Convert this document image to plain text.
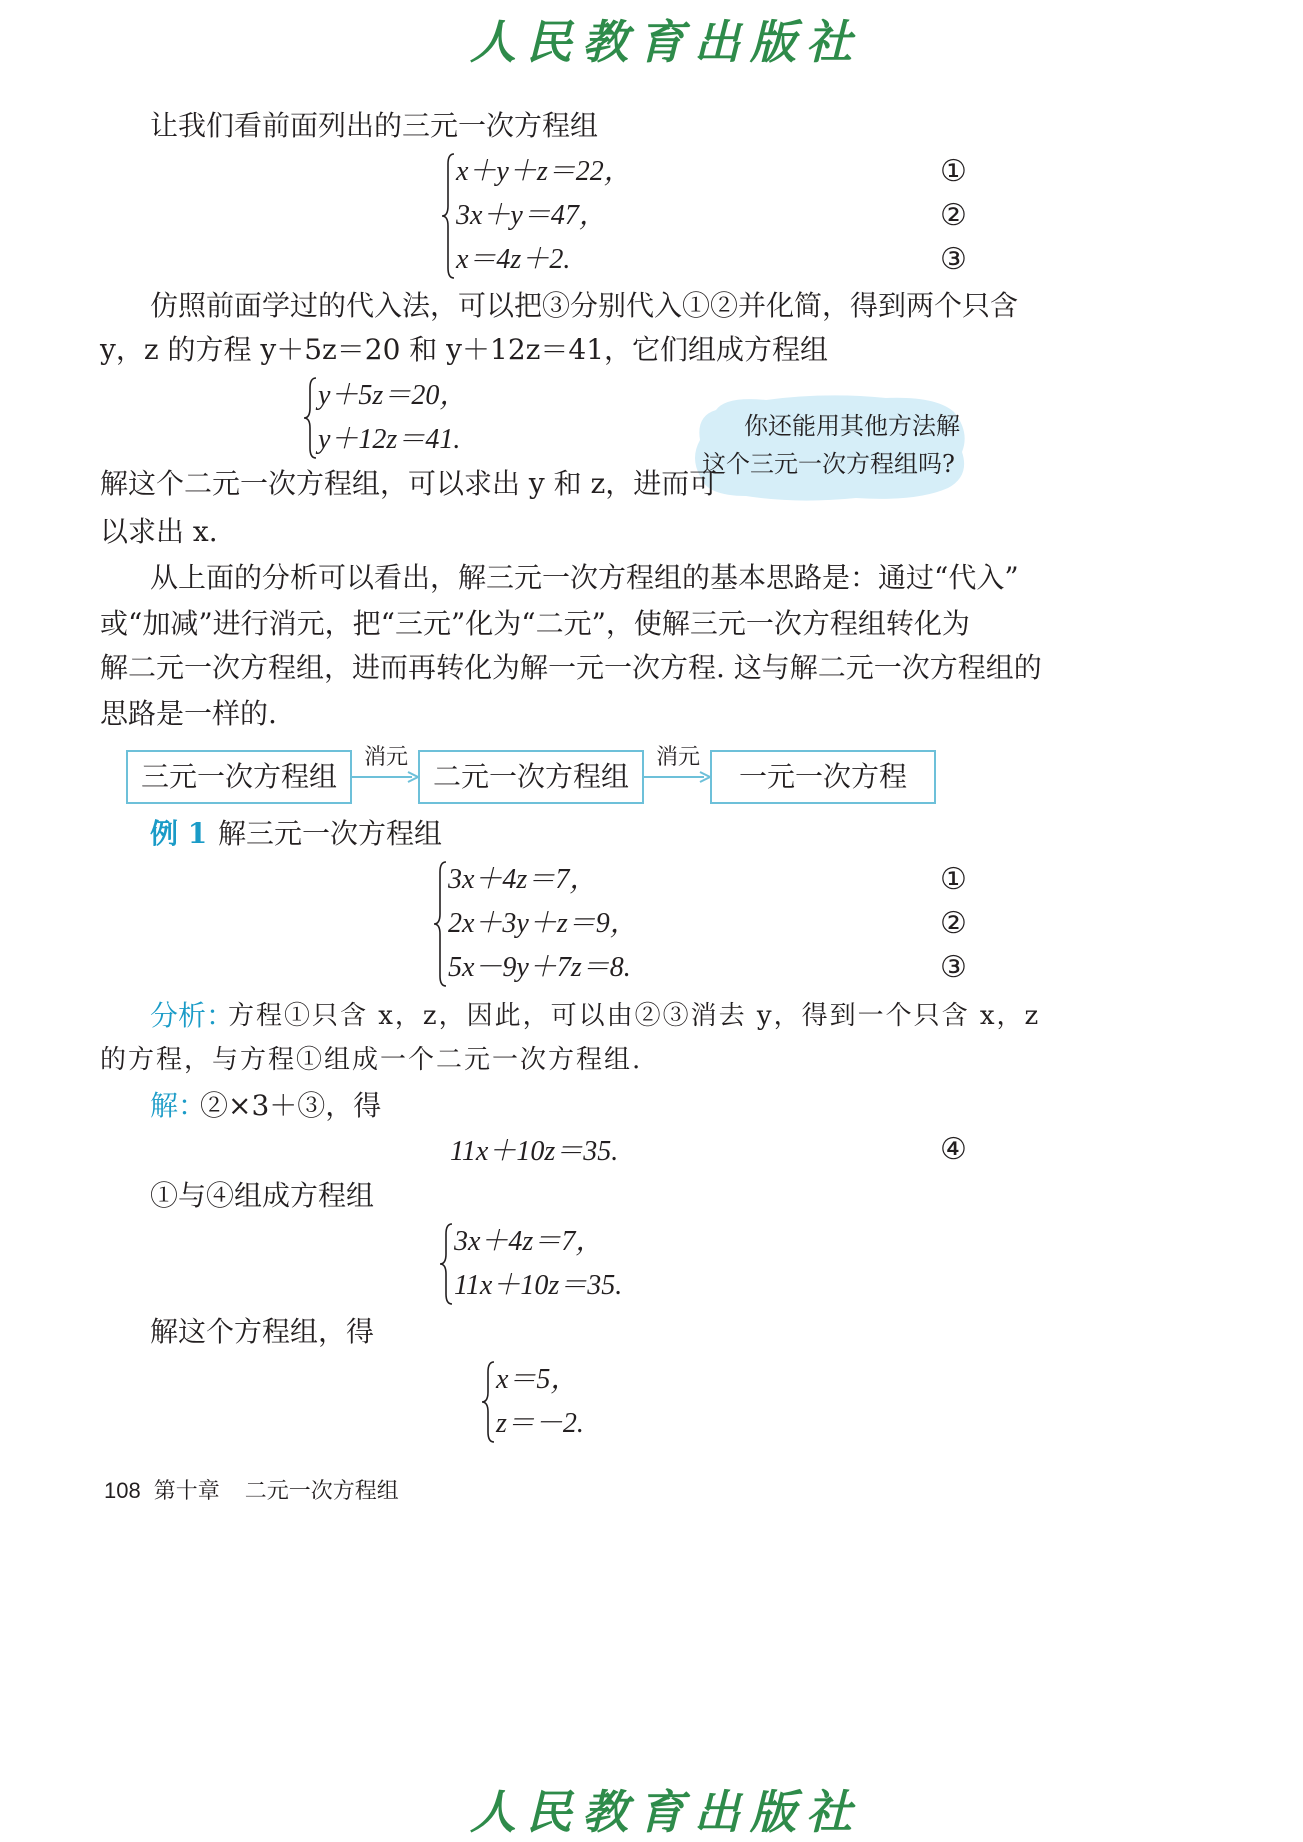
人民教育出版社
让我们看前面列出的三元一次方程组
x＋y＋z＝22，
3x＋y＝47，
x＝4z＋2.
①
②
③
仿照前面学过的代入法，可以把③分别代入①②并化简，得到两个只含
y，z 的方程 y＋5z＝20 和 y＋12z＝41，它们组成方程组
y＋5z＝20，
y＋12z＝41.	你还能用其他方法解
这个三元一次方程组吗?
解这个二元一次方程组，可以求出 y 和 z，进而可
以求出 x.
从上面的分析可以看出，解三元一次方程组的基本思路是：通过“代入”
或“加减”进行消元，把“三元”化为“二元”，使解三元一次方程组转化为
解二元一次方程组，进而再转化为解一元一次方程. 这与解二元一次方程组的
思路是一样的.
三元一次方程组
消元
二元一次方程组
消元
一元一次方程
例 1 解三元一次方程组
3x＋4z＝7，
2x＋3y＋z＝9，
5x－9y＋7z＝8.
①
②
③
分析：
方程①只含 x，z，因此，可以由②③消去 y，得到一个只含 x，z
的方程，与方程①组成一个二元一次方程组.
解：
②×3＋③，得
11x＋10z＝35.	④
①与④组成方程组
3x＋4z＝7，
11x＋10z＝35.
解这个方程组，得
x＝5，
z＝－2.
108 第十章 二元一次方程组
人民教育出版社
